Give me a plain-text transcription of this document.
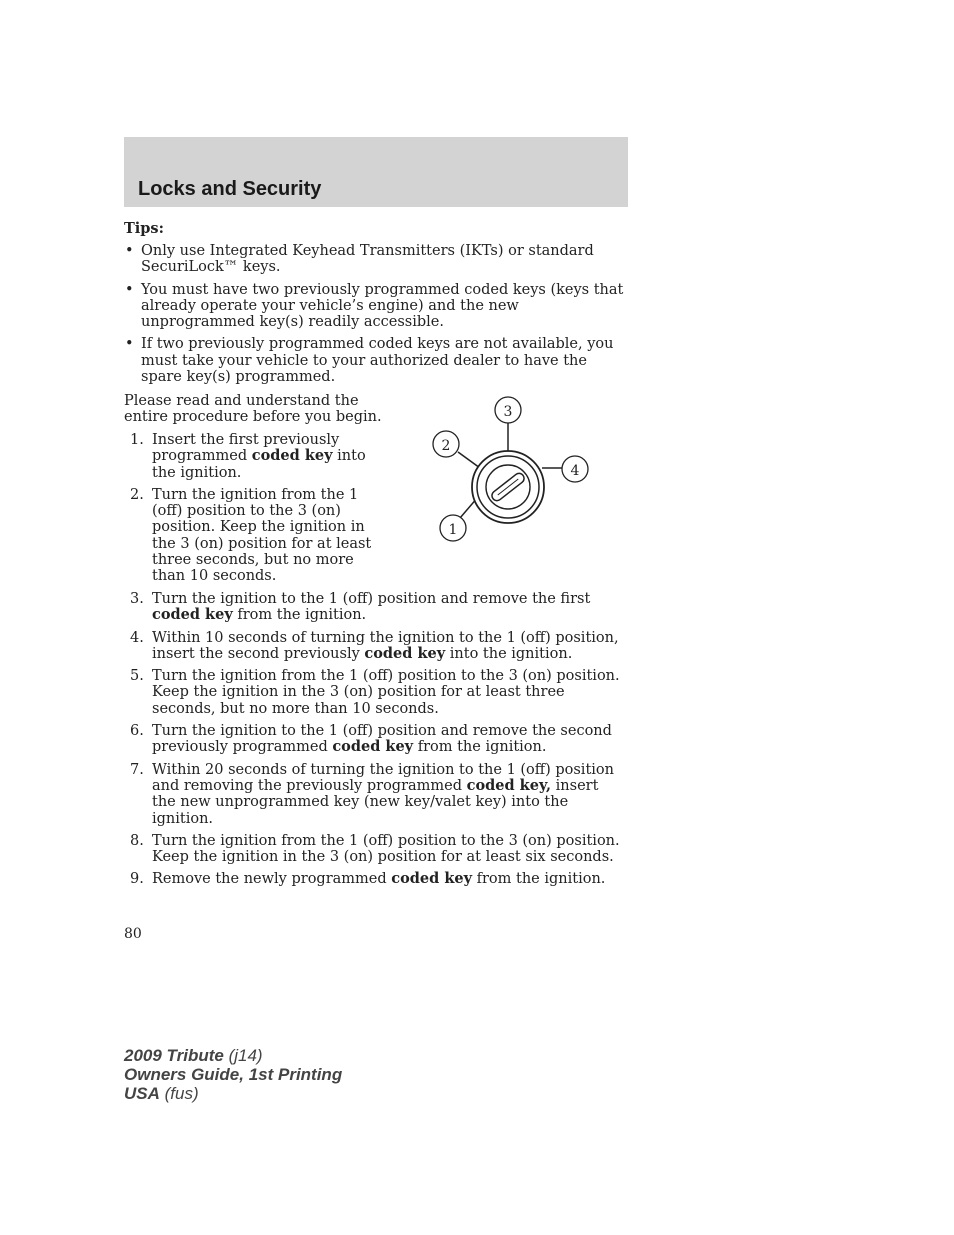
Locks and Security
Tips:
• Only use Integrated Keyhead Transmitters (IKTs) or standard SecuriLock™ keys.
• You must have two previously programmed coded keys (keys that already operate your vehicle’s engine) and the new unprogrammed key(s) readily accessible.
• If two previously programmed coded keys are not available, you must take your vehicle to your authorized dealer to have the spare key(s) programmed.
Please read and understand the entire procedure before you begin.
1. Insert the first previously programmed coded key into the ignition.
2. Turn the ignition from the 1 (off) position to the 3 (on) position. Keep the ignition in the 3 (on) position for at least three seconds, but no more than 10 seconds.
3
2
4
1
3. Turn the ignition to the 1 (off) position and remove the first coded key from the ignition.
4. Within 10 seconds of turning the ignition to the 1 (off) position, insert the second previously coded key into the ignition.
5. Turn the ignition from the 1 (off) position to the 3 (on) position. Keep the ignition in the 3 (on) position for at least three seconds, but no more than 10 seconds.
6. Turn the ignition to the 1 (off) position and remove the second previously programmed coded key from the ignition.
7. Within 20 seconds of turning the ignition to the 1 (off) position and removing the previously programmed coded key, insert the new unprogrammed key (new key/valet key) into the ignition.
8. Turn the ignition from the 1 (off) position to the 3 (on) position. Keep the ignition in the 3 (on) position for at least six seconds.
9. Remove the newly programmed coded key from the ignition.
80
2009 Tribute (j14)
Owners Guide, 1st Printing
USA (fus)
